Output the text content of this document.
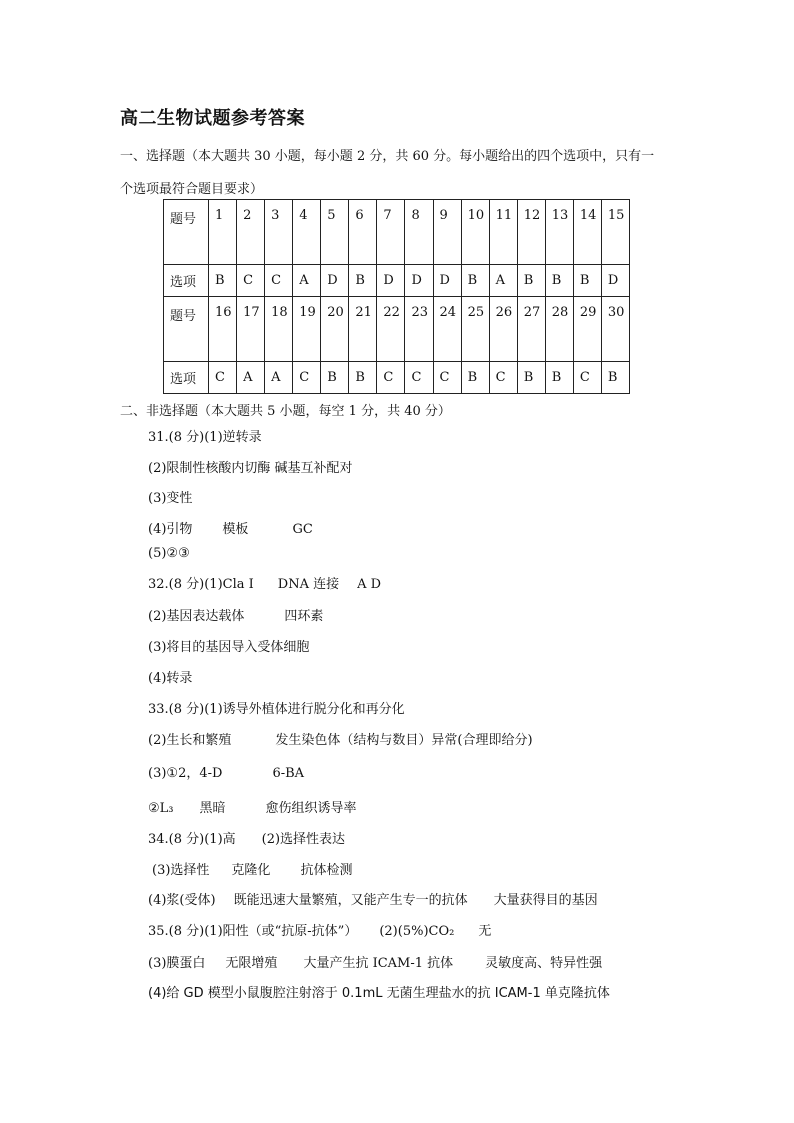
高二生物试题参考答案
一、选择题（本大题共 30 小题，每小题 2 分，共 60 分。每小题给出的四个选项中，只有一
个选项最符合题目要求）
题号	1	2	3	4	5	6	7	8	9	10	11	12	13	14	15
选项	B	C	C	A	D	B	D	D	D	B	A	B	B	B	D
题号	16	17	18	19	20	21	22	23	24	25	26	27	28	29	30
选项	C	A	A	C	B	B	C	C	C	B	C	B	B	C	B
二、非选择题（本大题共 5 小题，每空 1 分，共 40 分）
31.(8 分)(1)逆转录
(2)限制性核酸内切酶 碱基互补配对
(3)变性
(4)引物 模板	GC
(5)②③
32.(8 分)(1)Cla I DNA 连接 A D
(2)基因表达载体	四环素
(3)将目的基因导入受体细胞
(4)转录
33.(8 分)(1)诱导外植体进行脱分化和再分化
(2)生长和繁殖	发生染色体（结构与数目）异常(合理即给分)
(3)①2，4-D	6-BA
②L₃ 黑暗	愈伤组织诱导率
34.(8 分)(1)高 (2)选择性表达
(3)选择性 克隆化 抗体检测
(4)浆(受体) 既能迅速大量繁殖，又能产生专一的抗体 大量获得目的基因
35.(8 分)(1)阳性（或“抗原-抗体”） (2)(5%)CO₂ 无
(3)膜蛋白 无限增殖 大量产生抗 ICAM-1 抗体 灵敏度高、特异性强
(4)给 GD 模型小鼠腹腔注射溶于 0.1mL 无菌生理盐水的抗 ICAM-1 单克隆抗体
